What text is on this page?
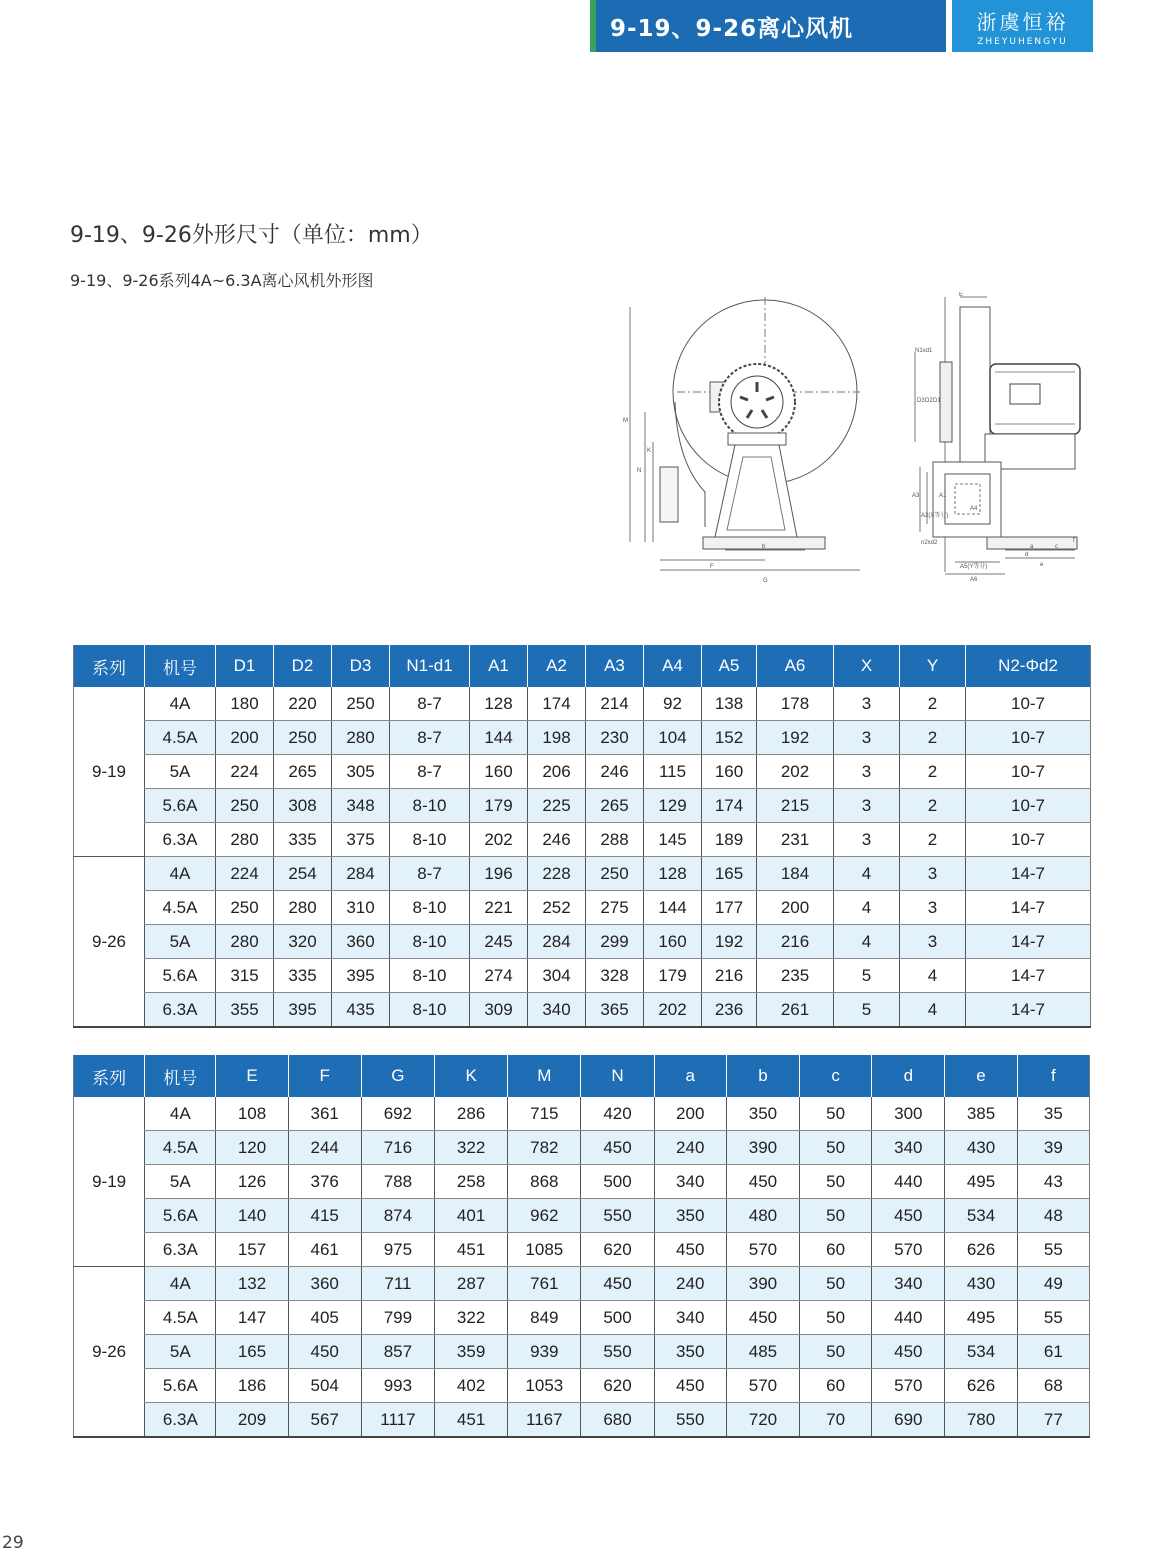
9-19、9-26离心风机	浙虞恒裕
ZHEYUHENGYU
9-19、9-26外形尺寸（单位：mm）
9-19、9-26系列4A~6.3A离心风机外形图
M
N
K
F
G
b
E
N1xd1
D3 D2 D1
A3
A2(X等分)
A1
A4
n2xd2
A5(Y等分)
A6
a	c
d
e
f
系列	机号	D1	D2	D3	N1-d1	A1	A2	A3	A4	A5	A6	X	Y	N2-Φd2
9-19	4A	180	220	250	8-7	128	174	214	92	138	178	3	2	10-7
	4.5A	200	250	280	8-7	144	198	230	104	152	192	3	2	10-7
	5A	224	265	305	8-7	160	206	246	115	160	202	3	2	10-7
	5.6A	250	308	348	8-10	179	225	265	129	174	215	3	2	10-7
	6.3A	280	335	375	8-10	202	246	288	145	189	231	3	2	10-7
9-26	4A	224	254	284	8-7	196	228	250	128	165	184	4	3	14-7
	4.5A	250	280	310	8-10	221	252	275	144	177	200	4	3	14-7
	5A	280	320	360	8-10	245	284	299	160	192	216	4	3	14-7
	5.6A	315	335	395	8-10	274	304	328	179	216	235	5	4	14-7
	6.3A	355	395	435	8-10	309	340	365	202	236	261	5	4	14-7
系列	机号	E	F	G	K	M	N	a	b	c	d	e	f
9-19	4A	108	361	692	286	715	420	200	350	50	300	385	35
	4.5A	120	244	716	322	782	450	240	390	50	340	430	39
	5A	126	376	788	258	868	500	340	450	50	440	495	43
	5.6A	140	415	874	401	962	550	350	480	50	450	534	48
	6.3A	157	461	975	451	1085	620	450	570	60	570	626	55
9-26	4A	132	360	711	287	761	450	240	390	50	340	430	49
	4.5A	147	405	799	322	849	500	340	450	50	440	495	55
	5A	165	450	857	359	939	550	350	485	50	450	534	61
	5.6A	186	504	993	402	1053	620	450	570	60	570	626	68
	6.3A	209	567	1117	451	1167	680	550	720	70	690	780	77
29
